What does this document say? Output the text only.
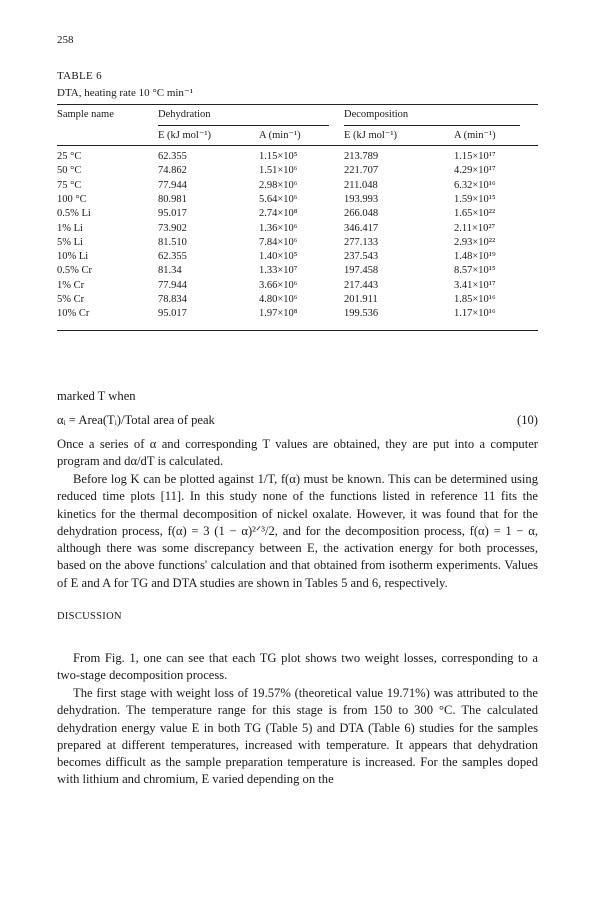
258
TABLE 6
DTA, heating rate 10 °C min⁻¹
Sample name	Dehydration	Decomposition
E (kJ mol⁻¹)	A (min⁻¹)	E (kJ mol⁻¹)	A (min⁻¹)
25 °C	62.355	1.15×10⁵	213.789	1.15×10¹⁷
50 °C	74.862	1.51×10⁶	221.707	4.29×10¹⁷
75 °C	77.944	2.98×10⁶	211.048	6.32×10¹⁶
100 °C	80.981	5.64×10⁶	193.993	1.59×10¹⁵
0.5% Li	95.017	2.74×10⁸	266.048	1.65×10²²
1% Li	73.902	1.36×10⁶	346.417	2.11×10²⁷
5% Li	81.510	7.84×10⁶	277.133	2.93×10²²
10% Li	62.355	1.40×10⁵	237.543	1.48×10¹⁹
0.5% Cr	81.34	1.33×10⁷	197.458	8.57×10¹⁵
1% Cr	77.944	3.66×10⁶	217.443	3.41×10¹⁷
5% Cr	78.834	4.80×10⁶	201.911	1.85×10¹⁶
10% Cr	95.017	1.97×10⁸	199.536	1.17×10¹⁶
marked T when
αᵢ = Area(Tᵢ)/Total area of peak	(10)
Once a series of α and corresponding T values are obtained, they are put into a computer program and dα/dT is calculated.
Before log K can be plotted against 1/T, f(α) must be known. This can be determined using reduced time plots [11]. In this study none of the functions listed in reference 11 fits the kinetics for the thermal decomposition of nickel oxalate. However, it was found that for the dehydration process, f(α) = 3 (1 − α)²ᐟ³/2, and for the decomposition process, f(α) = 1 − α, although there was some discrepancy between E, the activation energy for both processes, based on the above functions' calculation and that obtained from isotherm experiments. Values of E and A for TG and DTA studies are shown in Tables 5 and 6, respectively.
DISCUSSION
From Fig. 1, one can see that each TG plot shows two weight losses, corresponding to a two-stage decomposition process.
The first stage with weight loss of 19.57% (theoretical value 19.71%) was attributed to the dehydration. The temperature range for this stage is from 150 to 300 °C. The calculated dehydration energy value E in both TG (Table 5) and DTA (Table 6) studies for the samples prepared at different temperatures, increased with temperature. It appears that dehydration becomes difficult as the sample preparation temperature is increased. For the samples doped with lithium and chromium, E varied depending on the
